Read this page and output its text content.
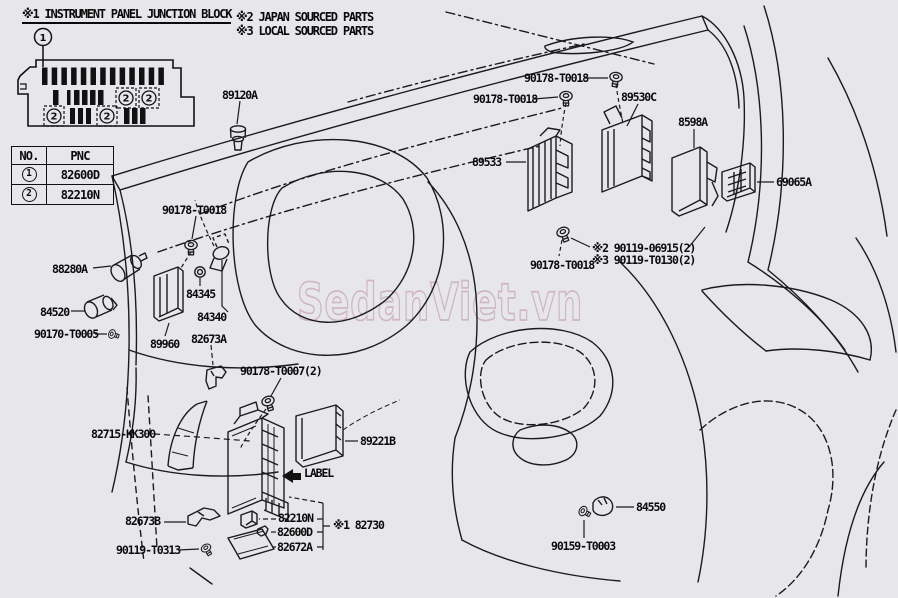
SedanViet.vn
1
2 2
2	2
※1 INSTRUMENT PANEL JUNCTION BLOCK ※2 JAPAN SOURCED PARTS
※3 LOCAL SOURCED PARTS
NO.	PNC
1	82600D
2	82210N
89120A
90178-T0018
90178-T0018	89530C
8598A
89533
69065A
90178-T0018
88280A
84345
84520	84340
90170-T0005
89960 82673A
90178-T0007(2)
※2 90119-06915(2)
※3 90119-T0130(2)
90178-T0018
82715-KK300	89221B
LABEL
82673B	82210N
82600D
82672A
※1 82730
90119-T0313
84550
90159-T0003
